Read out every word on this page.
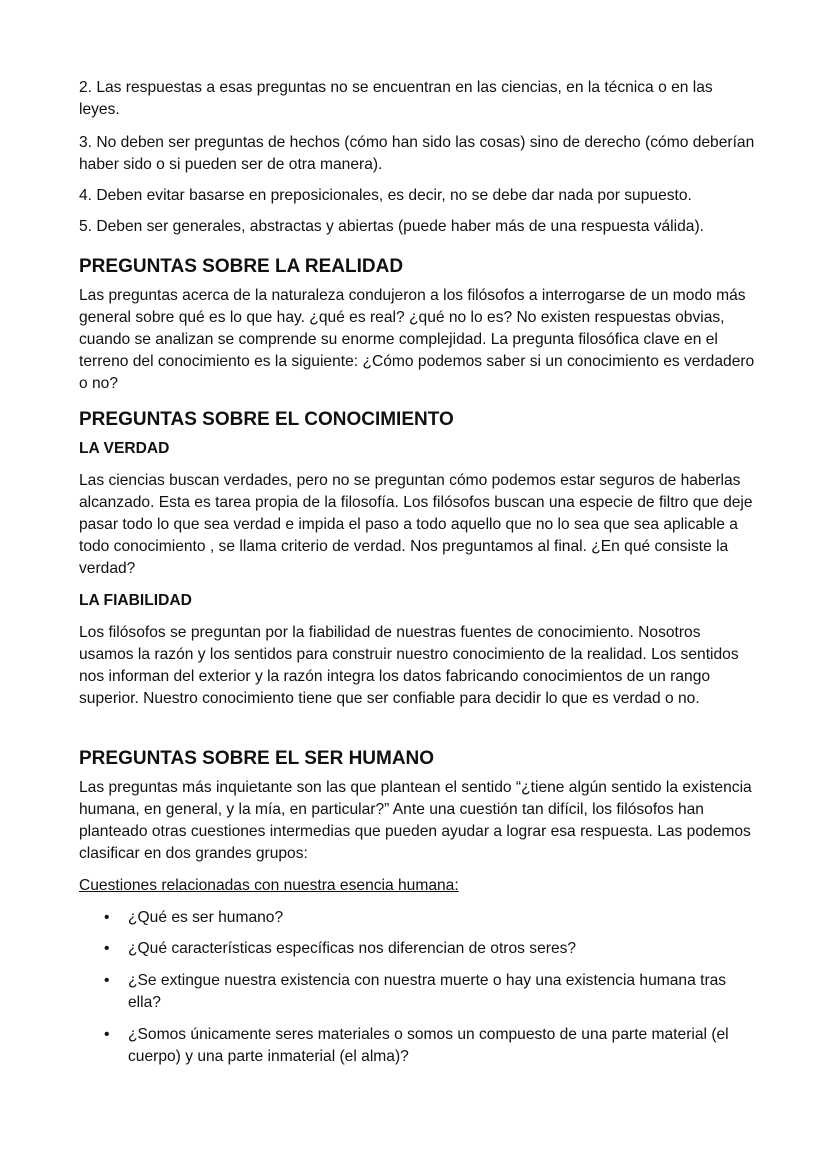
2. Las respuestas a esas preguntas no se encuentran en las ciencias, en la técnica o en las leyes.

3. No deben ser preguntas de hechos (cómo han sido las cosas) sino de derecho (cómo deberían haber sido o si pueden ser de otra manera).

4. Deben evitar basarse en preposicionales, es decir, no se debe dar nada por supuesto.

5. Deben ser generales, abstractas y abiertas (puede haber más de una respuesta válida).

PREGUNTAS SOBRE LA REALIDAD

Las preguntas acerca de la naturaleza condujeron a los filósofos a interrogarse de un modo más general sobre qué es lo que hay. ¿qué es real? ¿qué no lo es? No existen respuestas obvias, cuando se analizan se comprende su enorme complejidad. La pregunta filosófica clave en el terreno del conocimiento es la siguiente: ¿Cómo podemos saber si un conocimiento es verdadero o no?

PREGUNTAS SOBRE EL CONOCIMIENTO
LA VERDAD

Las ciencias buscan verdades, pero no se preguntan cómo podemos estar seguros de haberlas alcanzado. Esta es tarea propia de la filosofía. Los filósofos buscan una especie de filtro que deje pasar todo lo que sea verdad e impida el paso a todo aquello que no lo sea que sea aplicable a todo conocimiento , se llama criterio de verdad. Nos preguntamos al final. ¿En qué consiste la verdad?

LA FIABILIDAD

Los filósofos se preguntan por la fiabilidad de nuestras fuentes de conocimiento. Nosotros usamos la razón y los sentidos para construir nuestro conocimiento de la realidad. Los sentidos nos informan del exterior y la razón integra los datos fabricando conocimientos de un rango superior. Nuestro conocimiento tiene que ser confiable para decidir lo que es verdad o no.

PREGUNTAS SOBRE EL SER HUMANO

Las preguntas más inquietante son las que plantean el sentido “¿tiene algún sentido la existencia humana, en general, y la mía, en particular?” Ante una cuestión tan difícil, los filósofos han planteado otras cuestiones intermedias que pueden ayudar a lograr esa respuesta. Las podemos clasificar en dos grandes grupos:

Cuestiones relacionadas con nuestra esencia humana:

• ¿Qué es ser humano?
• ¿Qué características específicas nos diferencian de otros seres?
• ¿Se extingue nuestra existencia con nuestra muerte o hay una existencia humana tras ella?
• ¿Somos únicamente seres materiales o somos un compuesto de una parte material (el cuerpo) y una parte inmaterial (el alma)?
